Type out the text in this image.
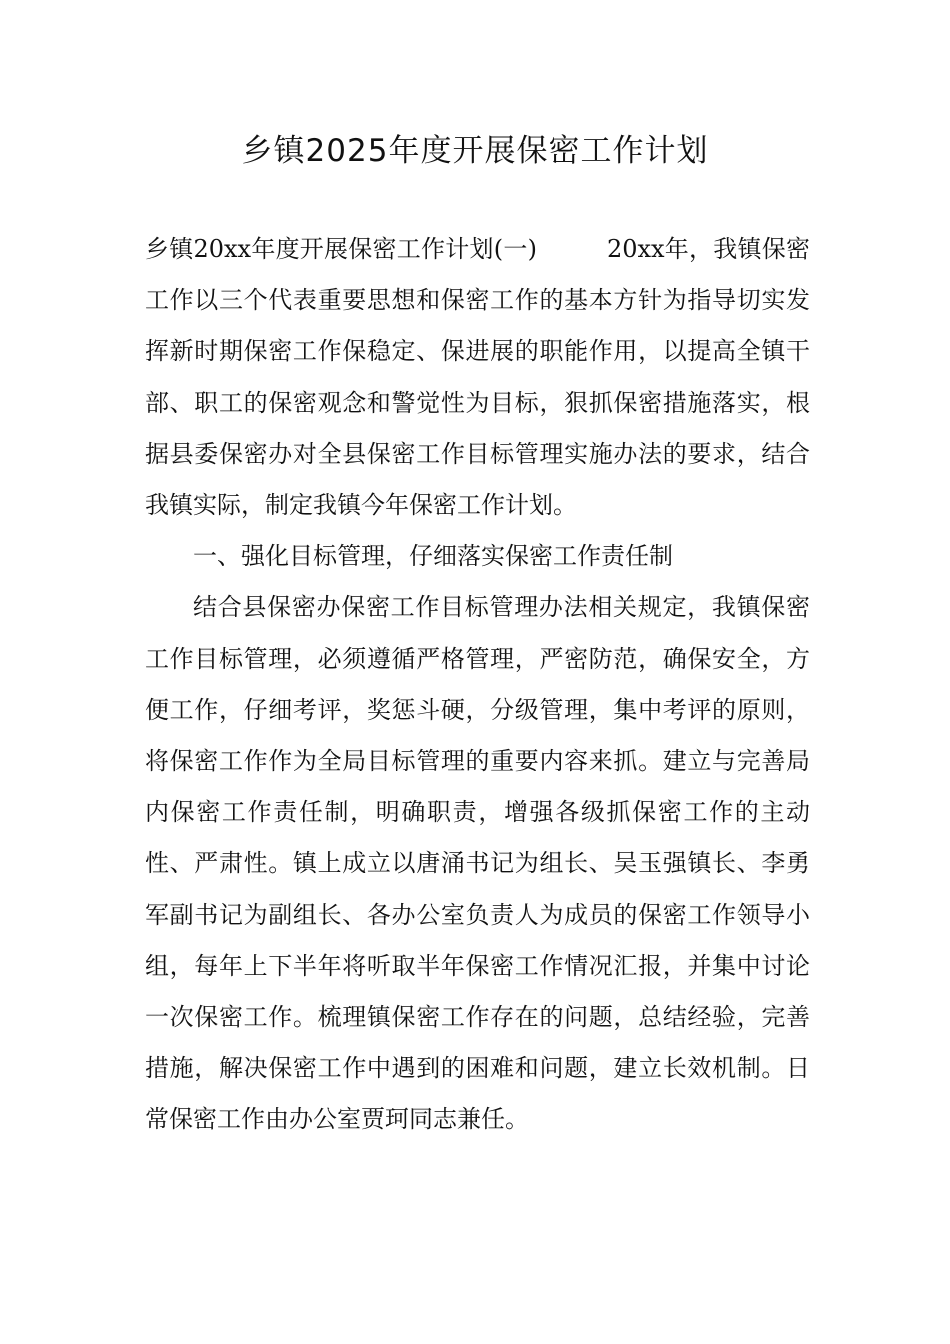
乡镇2025年度开展保密工作计划

乡镇20xx年度开展保密工作计划(一)	20xx年，我镇保密工作以三个代表重要思想和保密工作的基本方针为指导切实发挥新时期保密工作保稳定、保进展的职能作用，以提高全镇干部、职工的保密观念和警觉性为目标，狠抓保密措施落实，根据县委保密办对全县保密工作目标管理实施办法的要求，结合我镇实际，制定我镇今年保密工作计划。

一、强化目标管理，仔细落实保密工作责任制

结合县保密办保密工作目标管理办法相关规定，我镇保密工作目标管理，必须遵循严格管理，严密防范，确保安全，方便工作，仔细考评，奖惩斗硬，分级管理，集中考评的原则，将保密工作作为全局目标管理的重要内容来抓。建立与完善局内保密工作责任制，明确职责，增强各级抓保密工作的主动性、严肃性。镇上成立以唐涌书记为组长、吴玉强镇长、李勇军副书记为副组长、各办公室负责人为成员的保密工作领导小组，每年上下半年将听取半年保密工作情况汇报，并集中讨论一次保密工作。梳理镇保密工作存在的问题，总结经验，完善措施，解决保密工作中遇到的困难和问题，建立长效机制。日常保密工作由办公室贾珂同志兼任。
